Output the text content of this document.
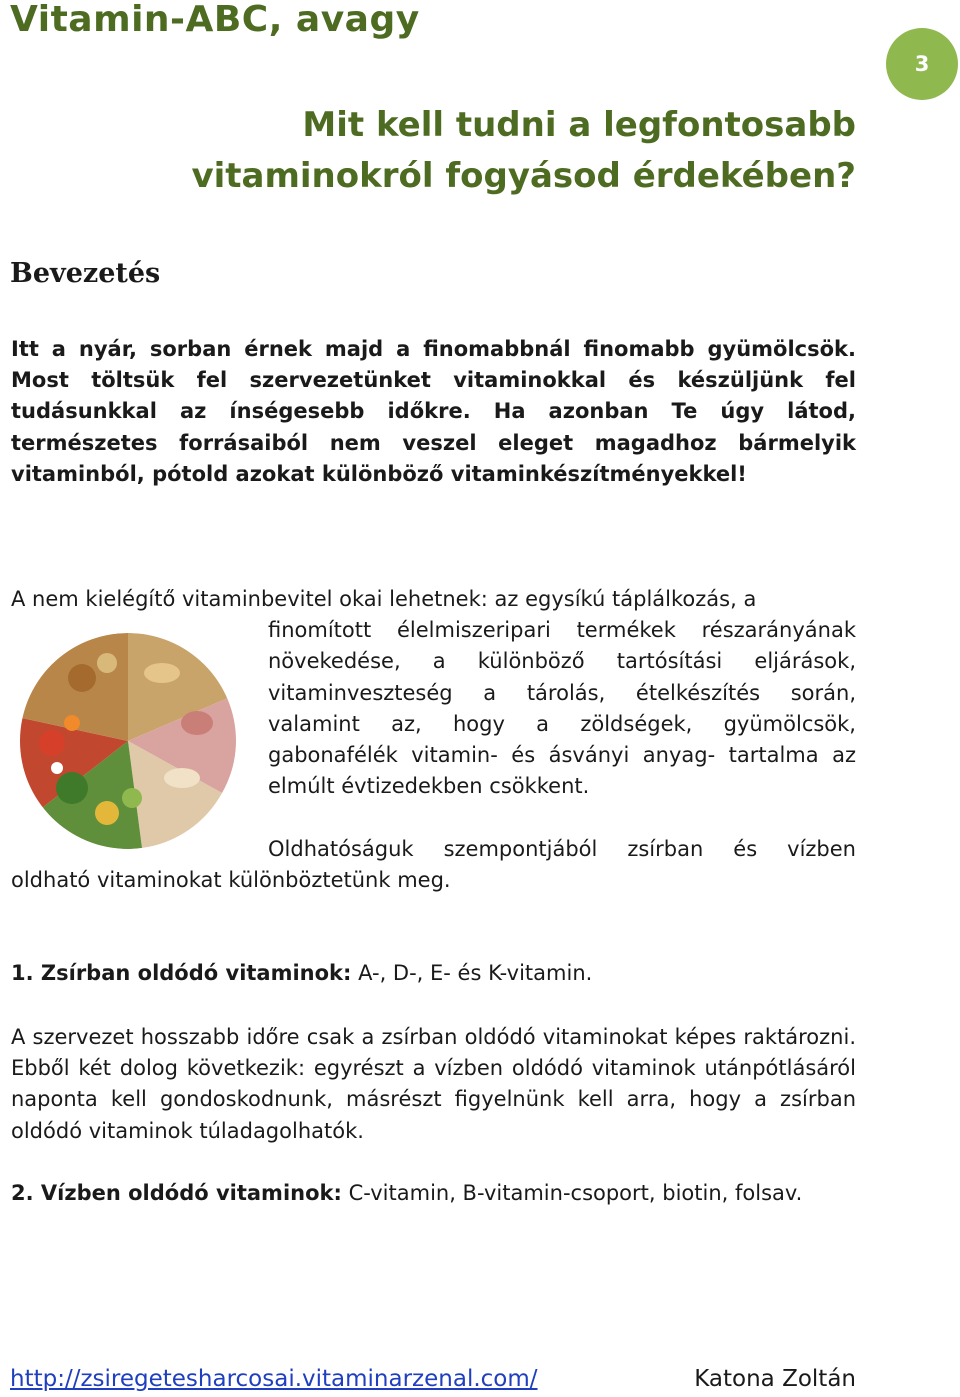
Vitamin-ABC, avagy
3
Mit kell tudni a legfontosabb
vitaminokról fogyásod érdekében?
Bevezetés

Itt a nyár, sorban érnek majd a finomabbnál finomabb gyümölcsök. Most töltsük fel szervezetünket vitaminokkal és készüljünk fel tudásunkkal az ínségesebb időkre. Ha azonban Te úgy látod, természetes forrásaiból nem veszel eleget magadhoz bármelyik vitaminból, pótold azokat különböző vitaminkészítményekkel!

A nem kielégítő vitaminbevitel okai lehetnek: az egysíkú táplálkozás, a
finomított élelmiszeripari termékek részarányának növekedése, a különböző tartósítási eljárások, vitaminveszteség a tárolás, ételkészítés során, valamint az, hogy a zöldségek, gyümölcsök, gabonafélék vitamin- és ásványi anyag- tartalma az elmúlt évtizedekben csökkent.

Oldhatóságuk szempontjából zsírban és vízben
oldható vitaminokat különböztetünk meg.

1. Zsírban oldódó vitaminok: A-, D-, E- és K-vitamin.

A szervezet hosszabb időre csak a zsírban oldódó vitaminokat képes raktározni. Ebből két dolog következik: egyrészt a vízben oldódó vitaminok utánpótlásáról naponta kell gondoskodnunk, másrészt figyelnünk kell arra, hogy a zsírban oldódó vitaminok túladagolhatók.

2. Vízben oldódó vitaminok: C-vitamin, B-vitamin-csoport, biotin, folsav.

http://zsiregetesharcosai.vitaminarzenal.com/	Katona Zoltán
